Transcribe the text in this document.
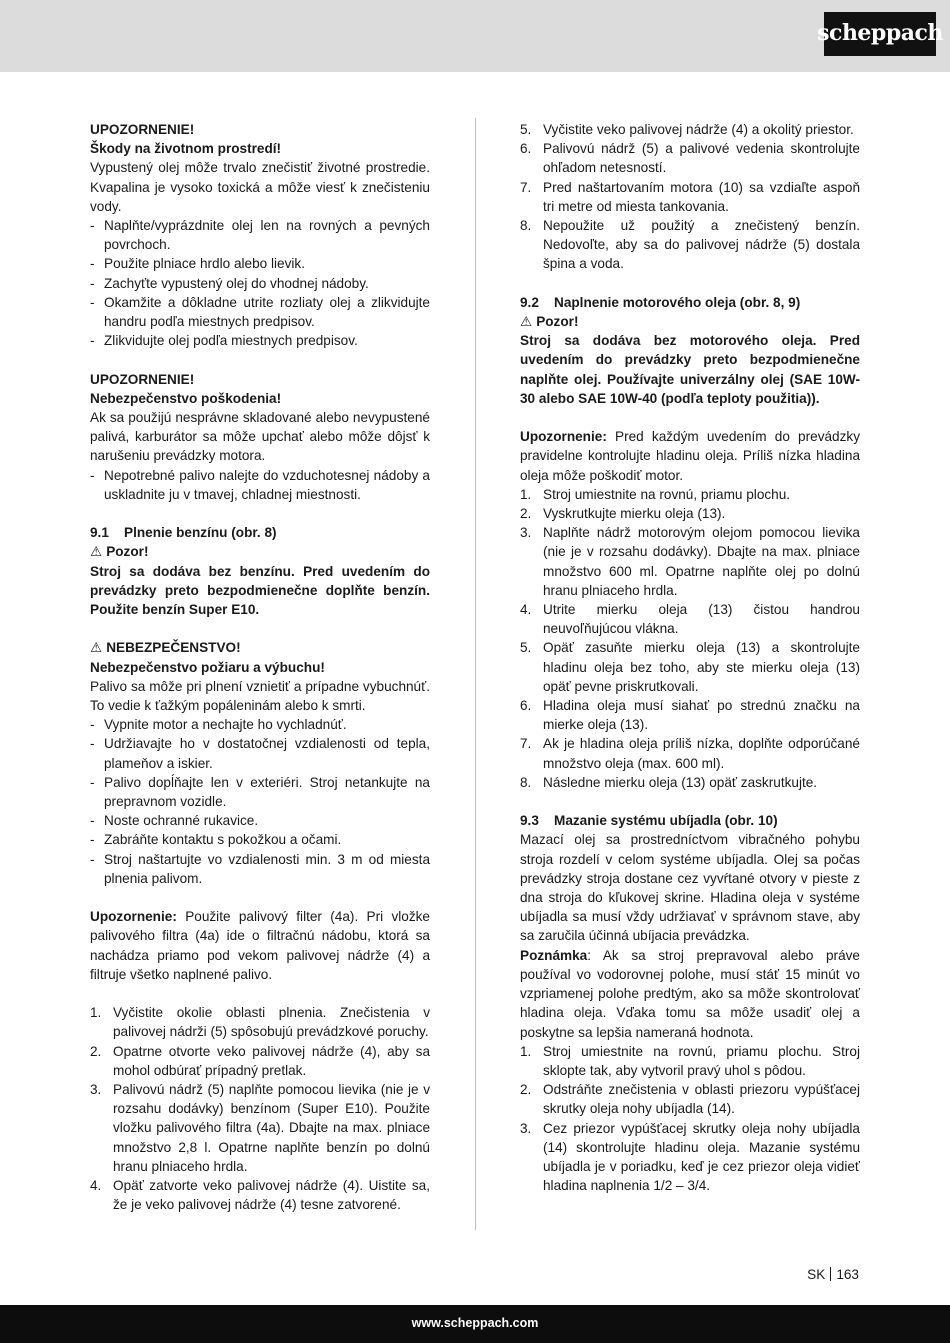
scheppach

UPOZORNENIE!

Škody na životnom prostredí!

Vypustený olej môže trvalo znečistiť životné prostredie. Kvapalina je vysoko toxická a môže viesť k znečisteniu vody.

- Naplňte/vyprázdnite olej len na rovných a pevných povrchoch.
- Použite plniace hrdlo alebo lievik.
- Zachyťte vypustený olej do vhodnej nádoby.
- Okamžite a dôkladne utrite rozliaty olej a zlikvidujte handru podľa miestnych predpisov.
- Zlikvidujte olej podľa miestnych predpisov.

UPOZORNENIE!

Nebezpečenstvo poškodenia!

Ak sa použijú nesprávne skladované alebo nevypustené palivá, karburátor sa môže upchať alebo môže dôjsť k narušeniu prevádzky motora.

- Nepotrebné palivo nalejte do vzduchotesnej nádoby a uskladnite ju v tmavej, chladnej miestnosti.
9.1	Plnenie benzínu (obr. 8)

⚠ Pozor!

Stroj sa dodáva bez benzínu. Pred uvedením do prevádzky preto bezpodmienečne doplňte benzín. Použite benzín Super E10.

⚠ NEBEZPEČENSTVO!

Nebezpečenstvo požiaru a výbuchu!

Palivo sa môže pri plnení vznietiť a prípadne vybuchnúť. To vedie k ťažkým popáleninám alebo k smrti.

- Vypnite motor a nechajte ho vychladnúť.
- Udržiavajte ho v dostatočnej vzdialenosti od tepla, plameňov a iskier.
- Palivo dopĺňajte len v exteriéri. Stroj netankujte na prepravnom vozidle.
- Noste ochranné rukavice.
- Zabráňte kontaktu s pokožkou a očami.
- Stroj naštartujte vo vzdialenosti min. 3 m od miesta plnenia palivom.

Upozornenie: Použite palivový filter (4a). Pri vložke palivového filtra (4a) ide o filtračnú nádobu, ktorá sa nachádza priamo pod vekom palivovej nádrže (4) a filtruje všetko naplnené palivo.

1. Vyčistite okolie oblasti plnenia. Znečistenia v palivovej nádrži (5) spôsobujú prevádzkové poruchy.
2. Opatrne otvorte veko palivovej nádrže (4), aby sa mohol odbúrať prípadný pretlak.
3. Palivovú nádrž (5) naplňte pomocou lievika (nie je v rozsahu dodávky) benzínom (Super E10). Použite vložku palivového filtra (4a). Dbajte na max. plniace množstvo 2,8 l. Opatrne naplňte benzín po dolnú hranu plniaceho hrdla.
4. Opäť zatvorte veko palivovej nádrže (4). Uistite sa, že je veko palivovej nádrže (4) tesne zatvorené.
5. Vyčistite veko palivovej nádrže (4) a okolitý priestor.
6. Palivovú nádrž (5) a palivové vedenia skontrolujte ohľadom netesností.
7. Pred naštartovaním motora (10) sa vzdiaľte aspoň tri metre od miesta tankovania.
8. Nepoužite už použitý a znečistený benzín. Nedovoľte, aby sa do palivovej nádrže (5) dostala špina a voda.
9.2	Naplnenie motorového oleja (obr. 8, 9)

⚠ Pozor!

Stroj sa dodáva bez motorového oleja. Pred uvedením do prevádzky preto bezpodmienečne naplňte olej. Používajte univerzálny olej (SAE 10W-30 alebo SAE 10W-40 (podľa teploty použitia)).

Upozornenie: Pred každým uvedením do prevádzky pravidelne kontrolujte hladinu oleja. Príliš nízka hladina oleja môže poškodiť motor.

1. Stroj umiestnite na rovnú, priamu plochu.
2. Vyskrutkujte mierku oleja (13).
3. Naplňte nádrž motorovým olejom pomocou lievika (nie je v rozsahu dodávky). Dbajte na max. plniace množstvo 600 ml. Opatrne naplňte olej po dolnú hranu plniaceho hrdla.
4. Utrite mierku oleja (13) čistou handrou neuvoľňujúcou vlákna.
5. Opäť zasuňte mierku oleja (13) a skontrolujte hladinu oleja bez toho, aby ste mierku oleja (13) opäť pevne priskrutkovali.
6. Hladina oleja musí siahať po strednú značku na mierke oleja (13).
7. Ak je hladina oleja príliš nízka, doplňte odporúčané množstvo oleja (max. 600 ml).
8. Následne mierku oleja (13) opäť zaskrutkujte.
9.3	Mazanie systému ubíjadla (obr. 10)

Mazací olej sa prostredníctvom vibračného pohybu stroja rozdelí v celom systéme ubíjadla. Olej sa počas prevádzky stroja dostane cez vyvŕtané otvory v pieste z dna stroja do kľukovej skrine. Hladina oleja v systéme ubíjadla sa musí vždy udržiavať v správnom stave, aby sa zaručila účinná ubíjacia prevádzka.

Poznámka: Ak sa stroj prepravoval alebo práve používal vo vodorovnej polohe, musí stáť 15 minút vo vzpriamenej polohe predtým, ako sa môže skontrolovať hladina oleja. Vďaka tomu sa môže usadiť olej a poskytne sa lepšia nameraná hodnota.

1. Stroj umiestnite na rovnú, priamu plochu. Stroj sklopte tak, aby vytvoril pravý uhol s pôdou.
2. Odstráňte znečistenia v oblasti priezoru vypúšťacej skrutky oleja nohy ubíjadla (14).
3. Cez priezor vypúšťacej skrutky oleja nohy ubíjadla (14) skontrolujte hladinu oleja. Mazanie systému ubíjadla je v poriadku, keď je cez priezor oleja vidieť hladina naplnenia 1/2 – 3/4.
SK 163
www.scheppach.com
